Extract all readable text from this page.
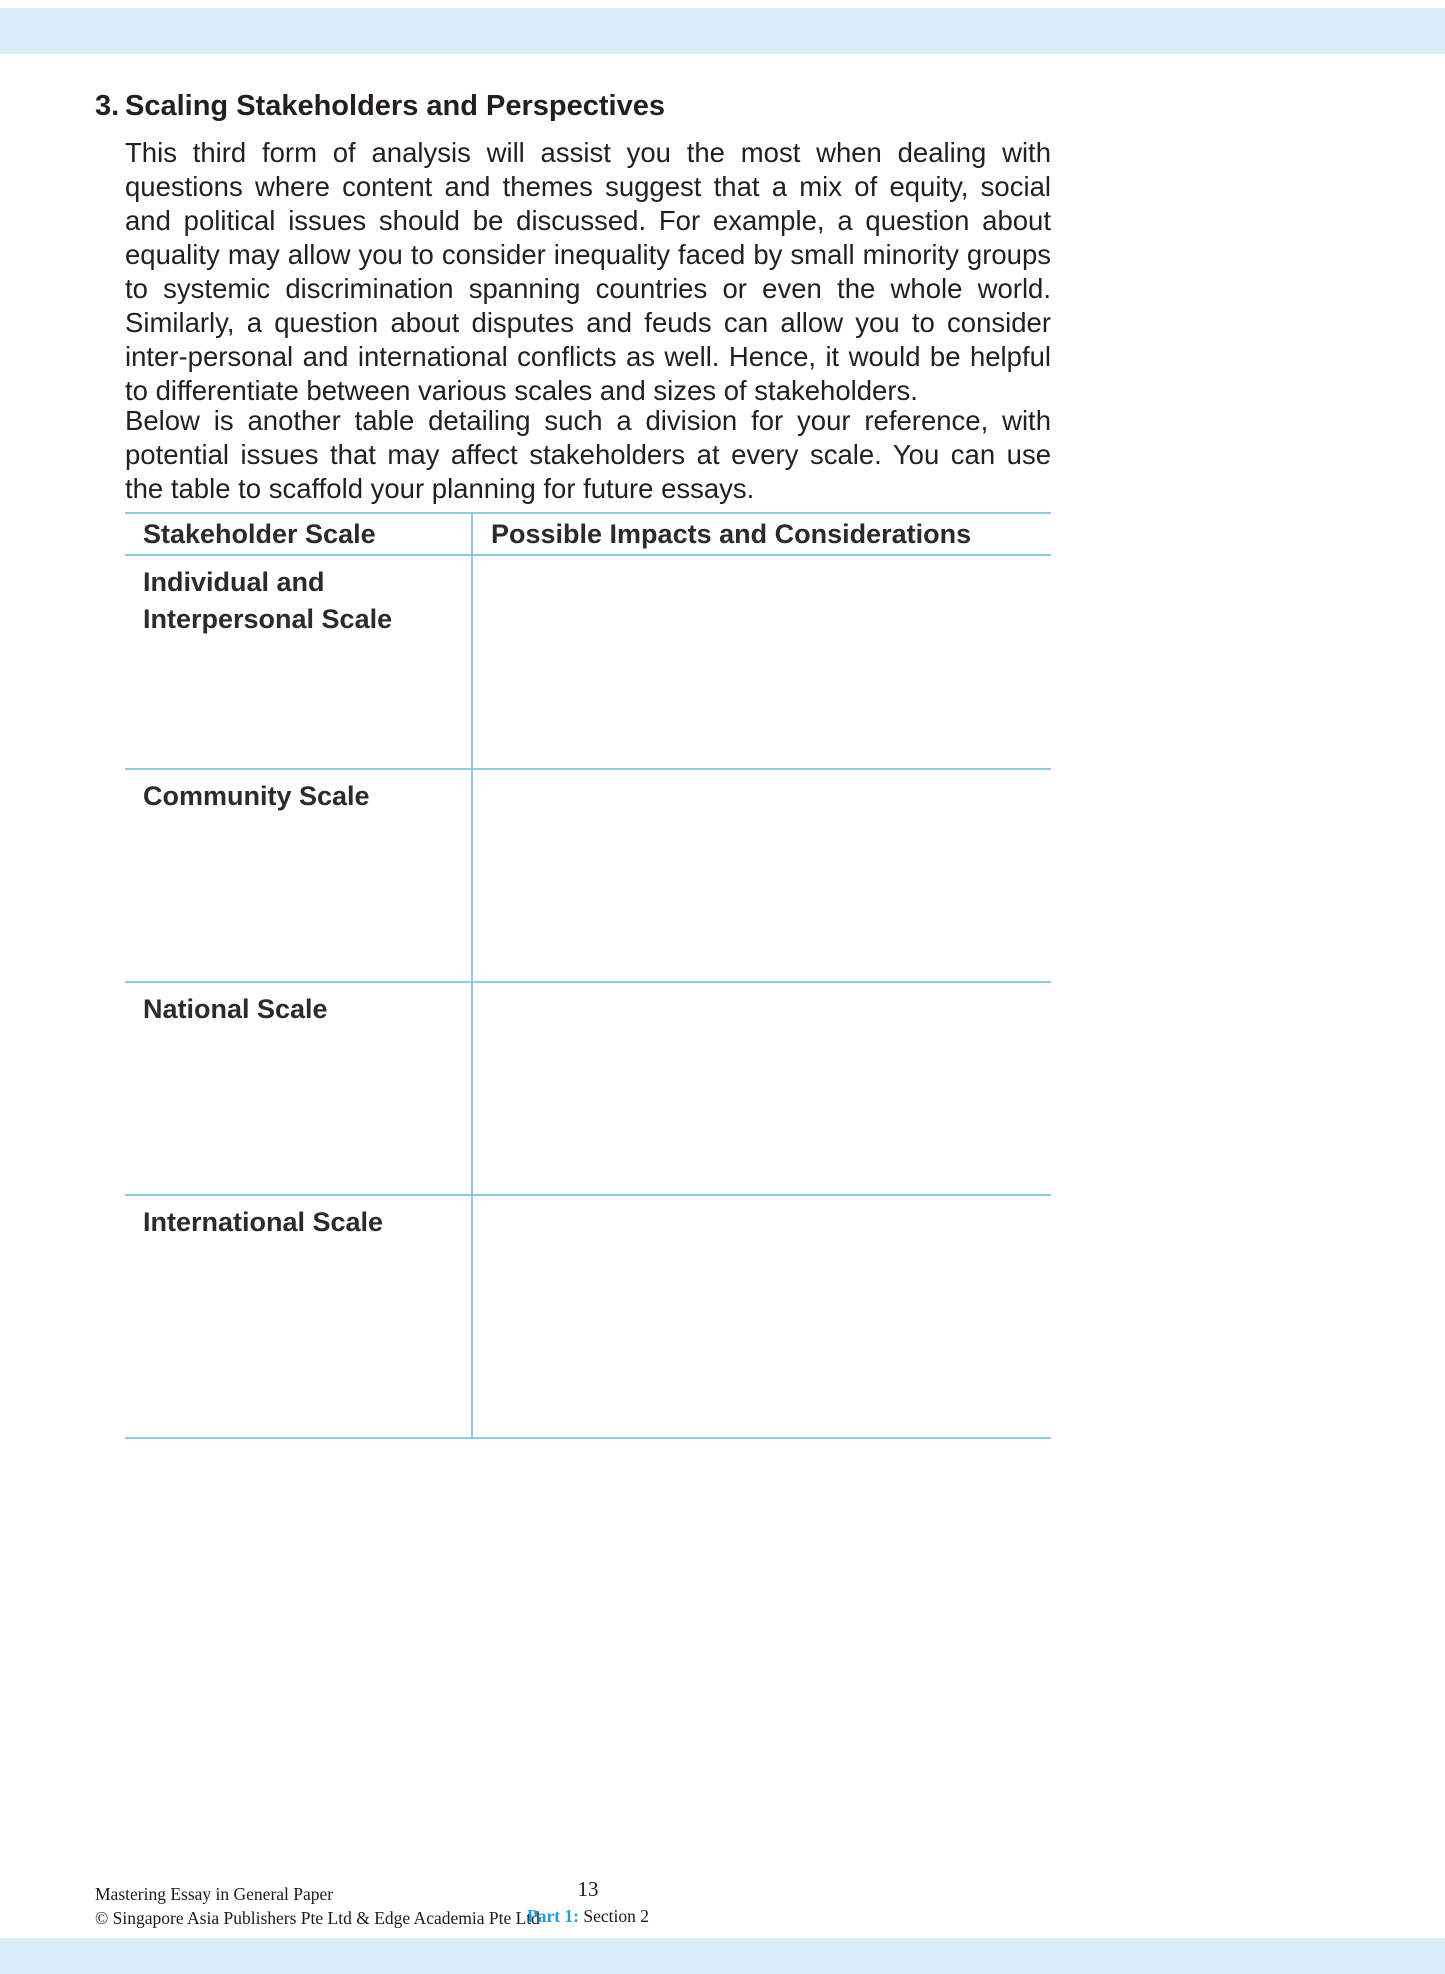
3. Scaling Stakeholders and Perspectives

This third form of analysis will assist you the most when dealing with questions where content and themes suggest that a mix of equity, social and political issues should be discussed. For example, a question about equality may allow you to consider inequality faced by small minority groups to systemic discrimination spanning countries or even the whole world. Similarly, a question about disputes and feuds can allow you to consider inter-personal and international conflicts as well. Hence, it would be helpful to differentiate between various scales and sizes of stakeholders.

Below is another table detailing such a division for your reference, with potential issues that may affect stakeholders at every scale. You can use the table to scaffold your planning for future essays.

Stakeholder Scale	Possible Impacts and Considerations
Individual and Interpersonal Scale
Community Scale
National Scale
International Scale
Mastering Essay in General Paper
© Singapore Asia Publishers Pte Ltd & Edge Academia Pte Ltd
13
Part 1: Section 2
